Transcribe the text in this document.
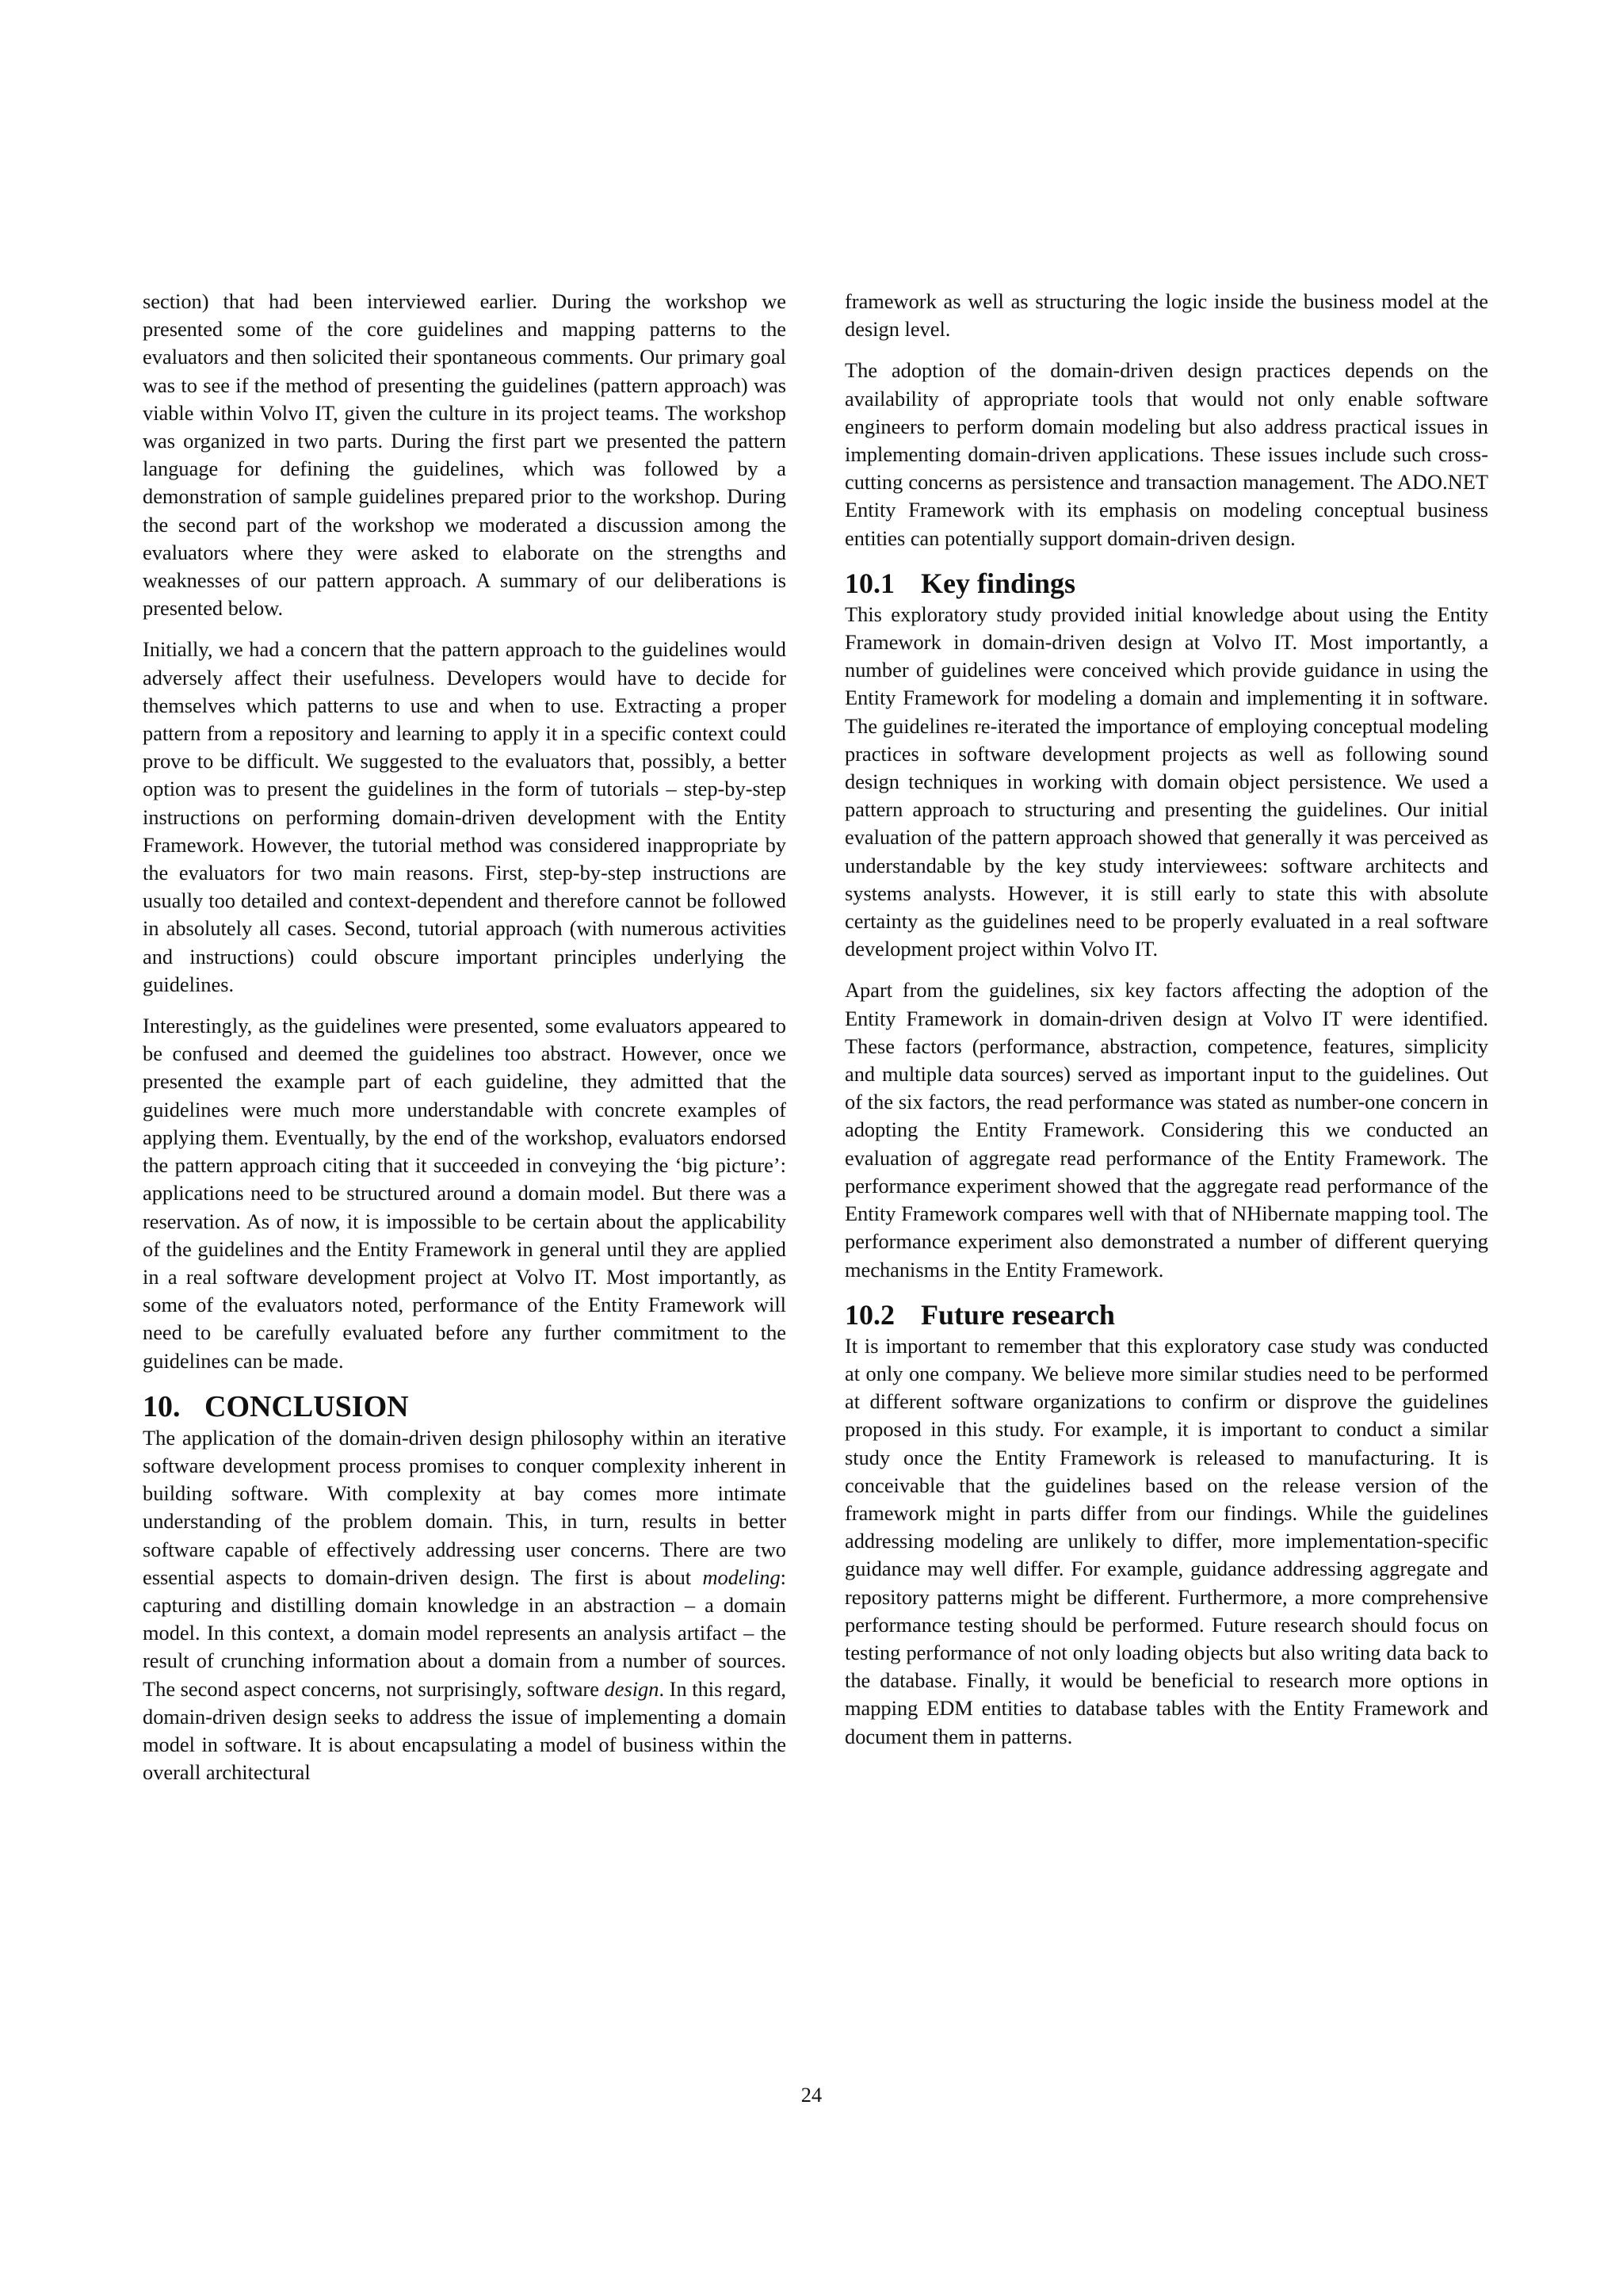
section) that had been interviewed earlier. During the workshop we presented some of the core guidelines and mapping patterns to the evaluators and then solicited their spontaneous comments. Our primary goal was to see if the method of presenting the guidelines (pattern approach) was viable within Volvo IT, given the culture in its project teams. The workshop was organized in two parts. During the first part we presented the pattern language for defining the guidelines, which was followed by a demonstration of sample guidelines prepared prior to the workshop. During the second part of the workshop we moderated a discussion among the evaluators where they were asked to elaborate on the strengths and weaknesses of our pattern approach. A summary of our deliberations is presented below.

Initially, we had a concern that the pattern approach to the guidelines would adversely affect their usefulness. Developers would have to decide for themselves which patterns to use and when to use. Extracting a proper pattern from a repository and learning to apply it in a specific context could prove to be difficult. We suggested to the evaluators that, possibly, a better option was to present the guidelines in the form of tutorials – step-by-step instructions on performing domain-driven development with the Entity Framework. However, the tutorial method was considered inappropriate by the evaluators for two main reasons. First, step-by-step instructions are usually too detailed and context-dependent and therefore cannot be followed in absolutely all cases. Second, tutorial approach (with numerous activities and instructions) could obscure important principles underlying the guidelines.

Interestingly, as the guidelines were presented, some evaluators appeared to be confused and deemed the guidelines too abstract. However, once we presented the example part of each guideline, they admitted that the guidelines were much more understandable with concrete examples of applying them. Eventually, by the end of the workshop, evaluators endorsed the pattern approach citing that it succeeded in conveying the ‘big picture’: applications need to be structured around a domain model. But there was a reservation. As of now, it is impossible to be certain about the applicability of the guidelines and the Entity Framework in general until they are applied in a real software development project at Volvo IT. Most importantly, as some of the evaluators noted, performance of the Entity Framework will need to be carefully evaluated before any further commitment to the guidelines can be made.

10. CONCLUSION

The application of the domain-driven design philosophy within an iterative software development process promises to conquer complexity inherent in building software. With complexity at bay comes more intimate understanding of the problem domain. This, in turn, results in better software capable of effectively addressing user concerns. There are two essential aspects to domain-driven design. The first is about modeling: capturing and distilling domain knowledge in an abstraction – a domain model. In this context, a domain model represents an analysis artifact – the result of crunching information about a domain from a number of sources. The second aspect concerns, not surprisingly, software design. In this regard, domain-driven design seeks to address the issue of implementing a domain model in software. It is about encapsulating a model of business within the overall architectural

framework as well as structuring the logic inside the business model at the design level.

The adoption of the domain-driven design practices depends on the availability of appropriate tools that would not only enable software engineers to perform domain modeling but also address practical issues in implementing domain-driven applications. These issues include such cross-cutting concerns as persistence and transaction management. The ADO.NET Entity Framework with its emphasis on modeling conceptual business entities can potentially support domain-driven design.

10.1 Key findings

This exploratory study provided initial knowledge about using the Entity Framework in domain-driven design at Volvo IT. Most importantly, a number of guidelines were conceived which provide guidance in using the Entity Framework for modeling a domain and implementing it in software. The guidelines re-iterated the importance of employing conceptual modeling practices in software development projects as well as following sound design techniques in working with domain object persistence. We used a pattern approach to structuring and presenting the guidelines. Our initial evaluation of the pattern approach showed that generally it was perceived as understandable by the key study interviewees: software architects and systems analysts. However, it is still early to state this with absolute certainty as the guidelines need to be properly evaluated in a real software development project within Volvo IT.

Apart from the guidelines, six key factors affecting the adoption of the Entity Framework in domain-driven design at Volvo IT were identified. These factors (performance, abstraction, competence, features, simplicity and multiple data sources) served as important input to the guidelines. Out of the six factors, the read performance was stated as number-one concern in adopting the Entity Framework. Considering this we conducted an evaluation of aggregate read performance of the Entity Framework. The performance experiment showed that the aggregate read performance of the Entity Framework compares well with that of NHibernate mapping tool. The performance experiment also demonstrated a number of different querying mechanisms in the Entity Framework.

10.2 Future research

It is important to remember that this exploratory case study was conducted at only one company. We believe more similar studies need to be performed at different software organizations to confirm or disprove the guidelines proposed in this study. For example, it is important to conduct a similar study once the Entity Framework is released to manufacturing. It is conceivable that the guidelines based on the release version of the framework might in parts differ from our findings. While the guidelines addressing modeling are unlikely to differ, more implementation-specific guidance may well differ. For example, guidance addressing aggregate and repository patterns might be different. Furthermore, a more comprehensive performance testing should be performed. Future research should focus on testing performance of not only loading objects but also writing data back to the database. Finally, it would be beneficial to research more options in mapping EDM entities to database tables with the Entity Framework and document them in patterns.

24
